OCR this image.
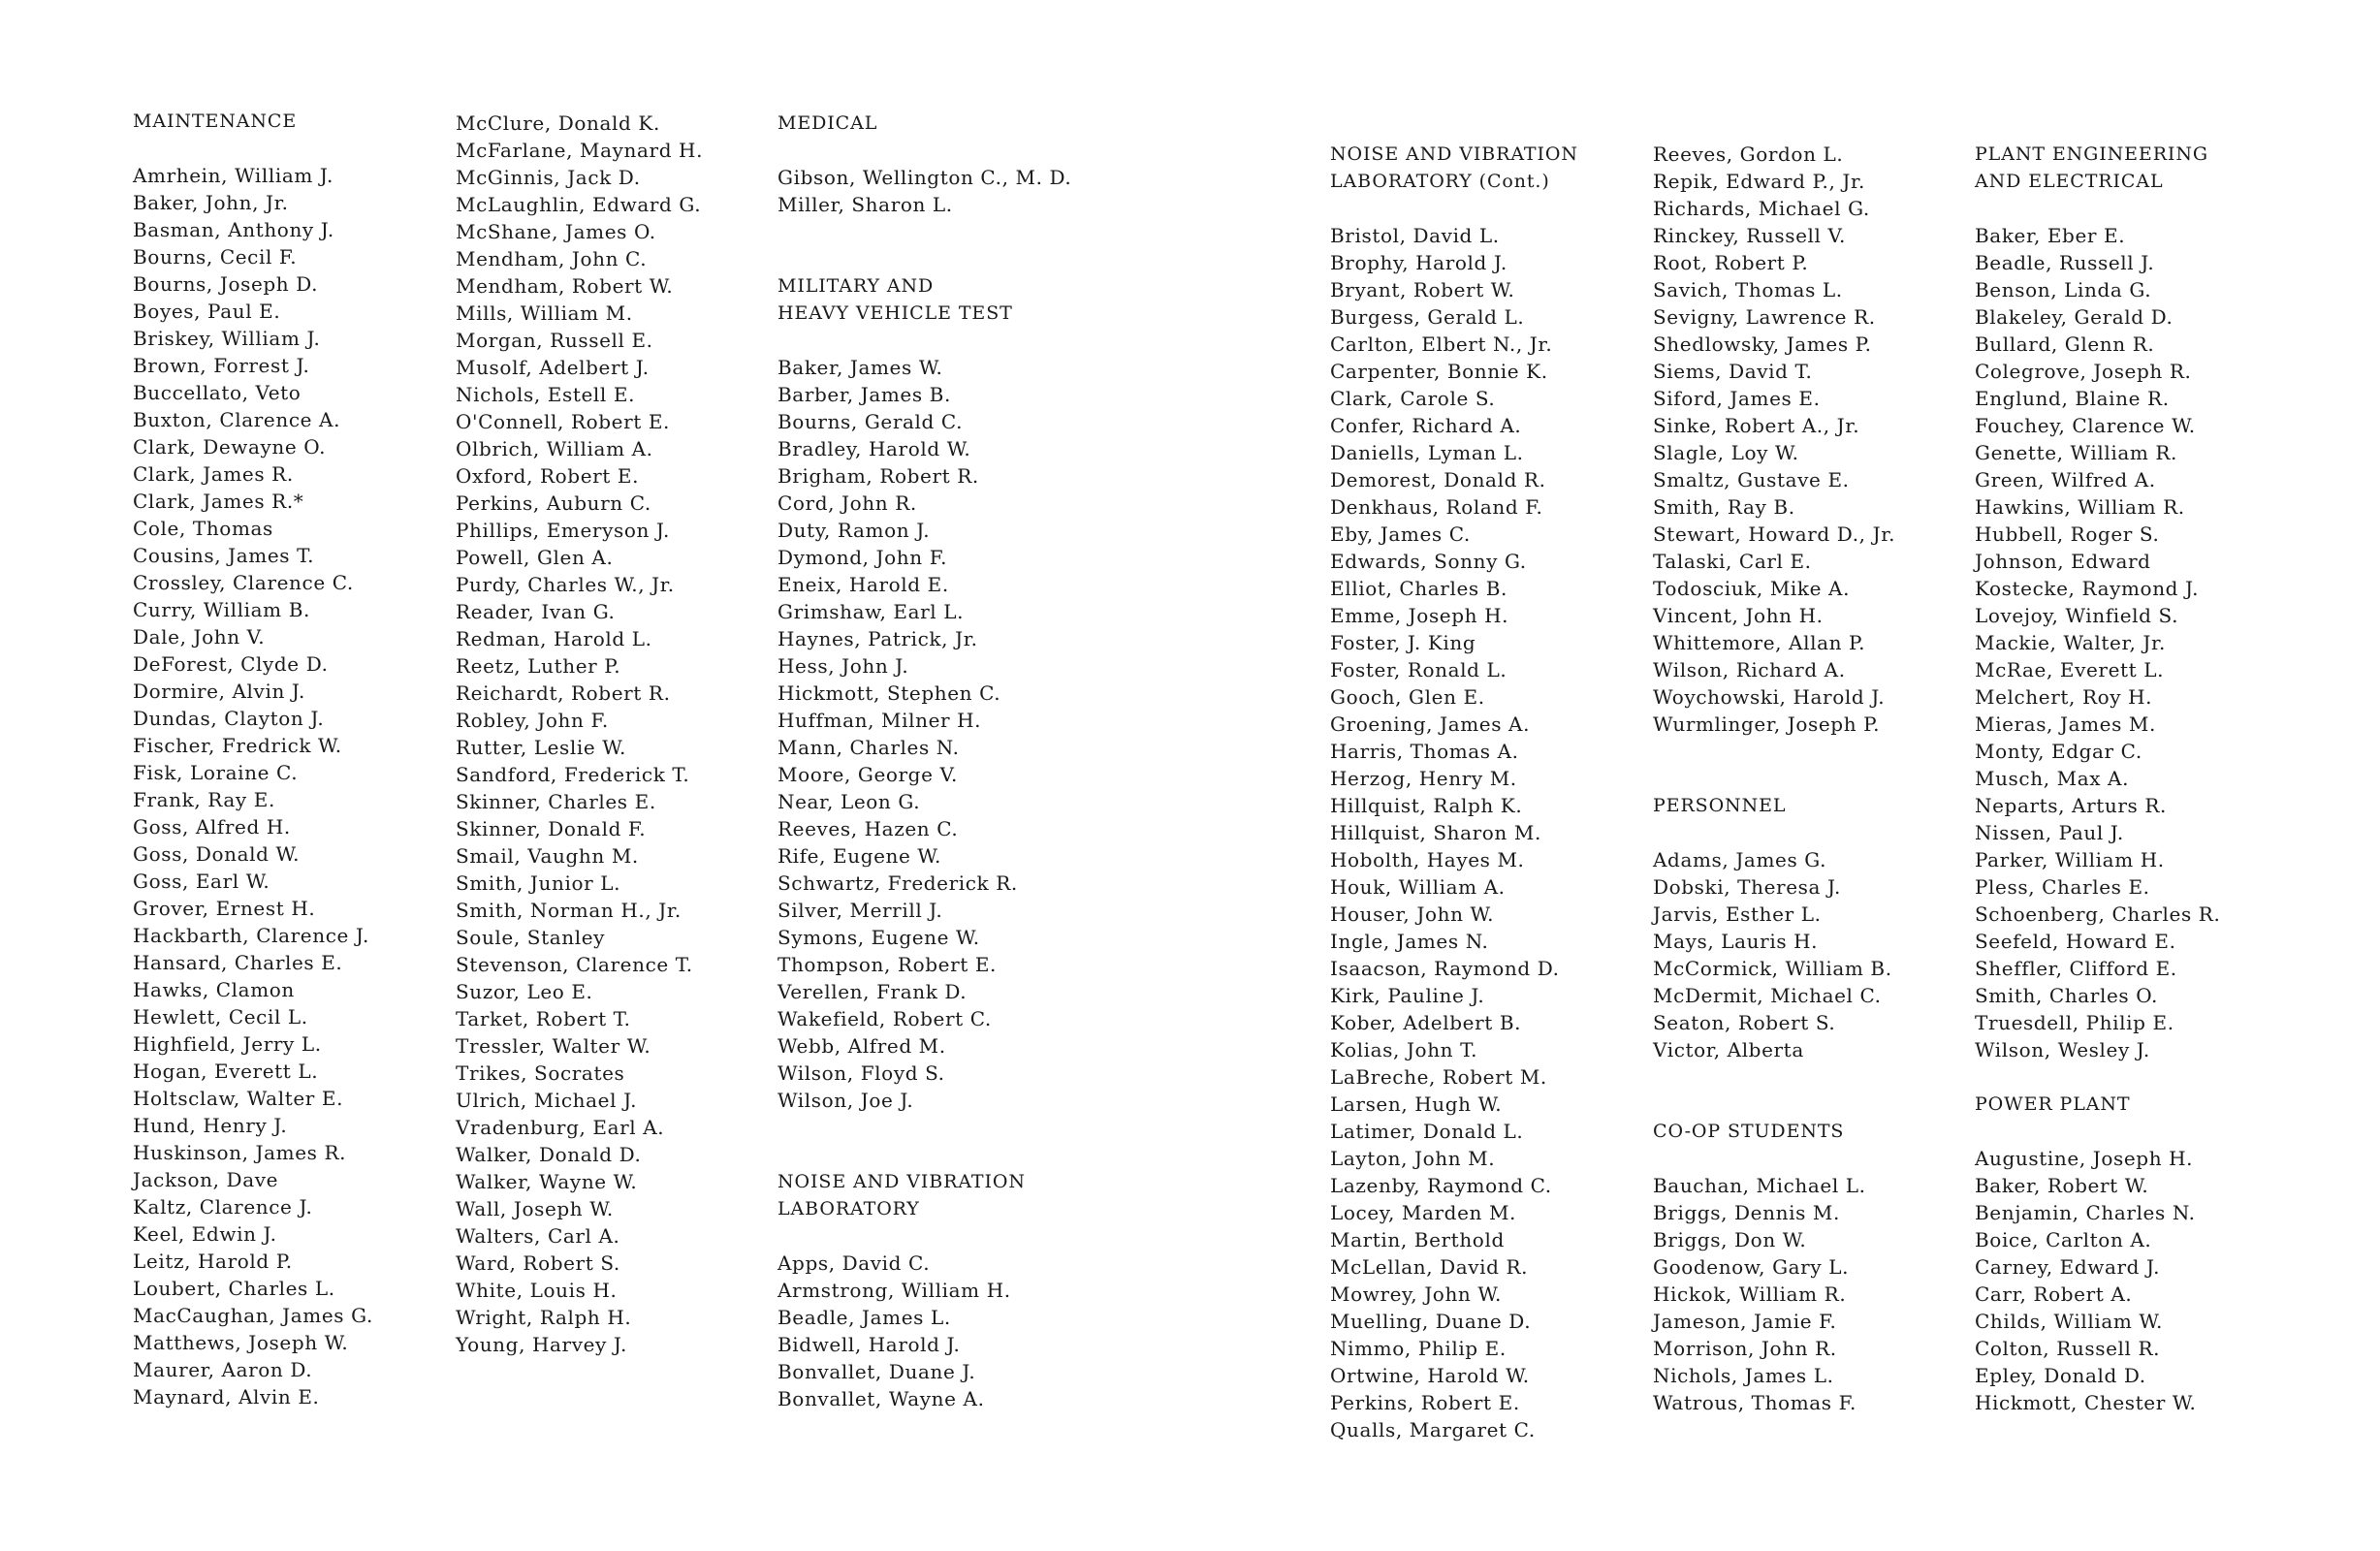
MAINTENANCE
Amrhein, William J.
Baker, John, Jr.
Basman, Anthony J.
Bourns, Cecil F.
Bourns, Joseph D.
Boyes, Paul E.
Briskey, William J.
Brown, Forrest J.
Buccellato, Veto
Buxton, Clarence A.
Clark, Dewayne O.
Clark, James R.
Clark, James R.*
Cole, Thomas
Cousins, James T.
Crossley, Clarence C.
Curry, William B.
Dale, John V.
DeForest, Clyde D.
Dormire, Alvin J.
Dundas, Clayton J.
Fischer, Fredrick W.
Fisk, Loraine C.
Frank, Ray E.
Goss, Alfred H.
Goss, Donald W.
Goss, Earl W.
Grover, Ernest H.
Hackbarth, Clarence J.
Hansard, Charles E.
Hawks, Clamon
Hewlett, Cecil L.
Highfield, Jerry L.
Hogan, Everett L.
Holtsclaw, Walter E.
Hund, Henry J.
Huskinson, James R.
Jackson, Dave
Kaltz, Clarence J.
Keel, Edwin J.
Leitz, Harold P.
Loubert, Charles L.
MacCaughan, James G.
Matthews, Joseph W.
Maurer, Aaron D.
Maynard, Alvin E.
McClure, Donald K.
McFarlane, Maynard H.
McGinnis, Jack D.
McLaughlin, Edward G.
McShane, James O.
Mendham, John C.
Mendham, Robert W.
Mills, William M.
Morgan, Russell E.
Musolf, Adelbert J.
Nichols, Estell E.
O'Connell, Robert E.
Olbrich, William A.
Oxford, Robert E.
Perkins, Auburn C.
Phillips, Emeryson J.
Powell, Glen A.
Purdy, Charles W., Jr.
Reader, Ivan G.
Redman, Harold L.
Reetz, Luther P.
Reichardt, Robert R.
Robley, John F.
Rutter, Leslie W.
Sandford, Frederick T.
Skinner, Charles E.
Skinner, Donald F.
Smail, Vaughn M.
Smith, Junior L.
Smith, Norman H., Jr.
Soule, Stanley
Stevenson, Clarence T.
Suzor, Leo E.
Tarket, Robert T.
Tressler, Walter W.
Trikes, Socrates
Ulrich, Michael J.
Vradenburg, Earl A.
Walker, Donald D.
Walker, Wayne W.
Wall, Joseph W.
Walters, Carl A.
Ward, Robert S.
White, Louis H.
Wright, Ralph H.
Young, Harvey J.
MEDICAL
Gibson, Wellington C., M. D.
Miller, Sharon L.
MILITARY AND
HEAVY VEHICLE TEST
Baker, James W.
Barber, James B.
Bourns, Gerald C.
Bradley, Harold W.
Brigham, Robert R.
Cord, John R.
Duty, Ramon J.
Dymond, John F.
Eneix, Harold E.
Grimshaw, Earl L.
Haynes, Patrick, Jr.
Hess, John J.
Hickmott, Stephen C.
Huffman, Milner H.
Mann, Charles N.
Moore, George V.
Near, Leon G.
Reeves, Hazen C.
Rife, Eugene W.
Schwartz, Frederick R.
Silver, Merrill J.
Symons, Eugene W.
Thompson, Robert E.
Verellen, Frank D.
Wakefield, Robert C.
Webb, Alfred M.
Wilson, Floyd S.
Wilson, Joe J.
NOISE AND VIBRATION
LABORATORY
Apps, David C.
Armstrong, William H.
Beadle, James L.
Bidwell, Harold J.
Bonvallet, Duane J.
Bonvallet, Wayne A.
NOISE AND VIBRATION
LABORATORY (Cont.)
Bristol, David L.
Brophy, Harold J.
Bryant, Robert W.
Burgess, Gerald L.
Carlton, Elbert N., Jr.
Carpenter, Bonnie K.
Clark, Carole S.
Confer, Richard A.
Daniells, Lyman L.
Demorest, Donald R.
Denkhaus, Roland F.
Eby, James C.
Edwards, Sonny G.
Elliot, Charles B.
Emme, Joseph H.
Foster, J. King
Foster, Ronald L.
Gooch, Glen E.
Groening, James A.
Harris, Thomas A.
Herzog, Henry M.
Hillquist, Ralph K.
Hillquist, Sharon M.
Hobolth, Hayes M.
Houk, William A.
Houser, John W.
Ingle, James N.
Isaacson, Raymond D.
Kirk, Pauline J.
Kober, Adelbert B.
Kolias, John T.
LaBreche, Robert M.
Larsen, Hugh W.
Latimer, Donald L.
Layton, John M.
Lazenby, Raymond C.
Locey, Marden M.
Martin, Berthold
McLellan, David R.
Mowrey, John W.
Muelling, Duane D.
Nimmo, Philip E.
Ortwine, Harold W.
Perkins, Robert E.
Qualls, Margaret C.
Reeves, Gordon L.
Repik, Edward P., Jr.
Richards, Michael G.
Rinckey, Russell V.
Root, Robert P.
Savich, Thomas L.
Sevigny, Lawrence R.
Shedlowsky, James P.
Siems, David T.
Siford, James E.
Sinke, Robert A., Jr.
Slagle, Loy W.
Smaltz, Gustave E.
Smith, Ray B.
Stewart, Howard D., Jr.
Talaski, Carl E.
Todosciuk, Mike A.
Vincent, John H.
Whittemore, Allan P.
Wilson, Richard A.
Woychowski, Harold J.
Wurmlinger, Joseph P.
PERSONNEL
Adams, James G.
Dobski, Theresa J.
Jarvis, Esther L.
Mays, Lauris H.
McCormick, William B.
McDermit, Michael C.
Seaton, Robert S.
Victor, Alberta
CO-OP STUDENTS
Bauchan, Michael L.
Briggs, Dennis M.
Briggs, Don W.
Goodenow, Gary L.
Hickok, William R.
Jameson, Jamie F.
Morrison, John R.
Nichols, James L.
Watrous, Thomas F.
PLANT ENGINEERING
AND ELECTRICAL
Baker, Eber E.
Beadle, Russell J.
Benson, Linda G.
Blakeley, Gerald D.
Bullard, Glenn R.
Colegrove, Joseph R.
Englund, Blaine R.
Fouchey, Clarence W.
Genette, William R.
Green, Wilfred A.
Hawkins, William R.
Hubbell, Roger S.
Johnson, Edward
Kostecke, Raymond J.
Lovejoy, Winfield S.
Mackie, Walter, Jr.
McRae, Everett L.
Melchert, Roy H.
Mieras, James M.
Monty, Edgar C.
Musch, Max A.
Neparts, Arturs R.
Nissen, Paul J.
Parker, William H.
Pless, Charles E.
Schoenberg, Charles R.
Seefeld, Howard E.
Sheffler, Clifford E.
Smith, Charles O.
Truesdell, Philip E.
Wilson, Wesley J.
POWER PLANT
Augustine, Joseph H.
Baker, Robert W.
Benjamin, Charles N.
Boice, Carlton A.
Carney, Edward J.
Carr, Robert A.
Childs, William W.
Colton, Russell R.
Epley, Donald D.
Hickmott, Chester W.
